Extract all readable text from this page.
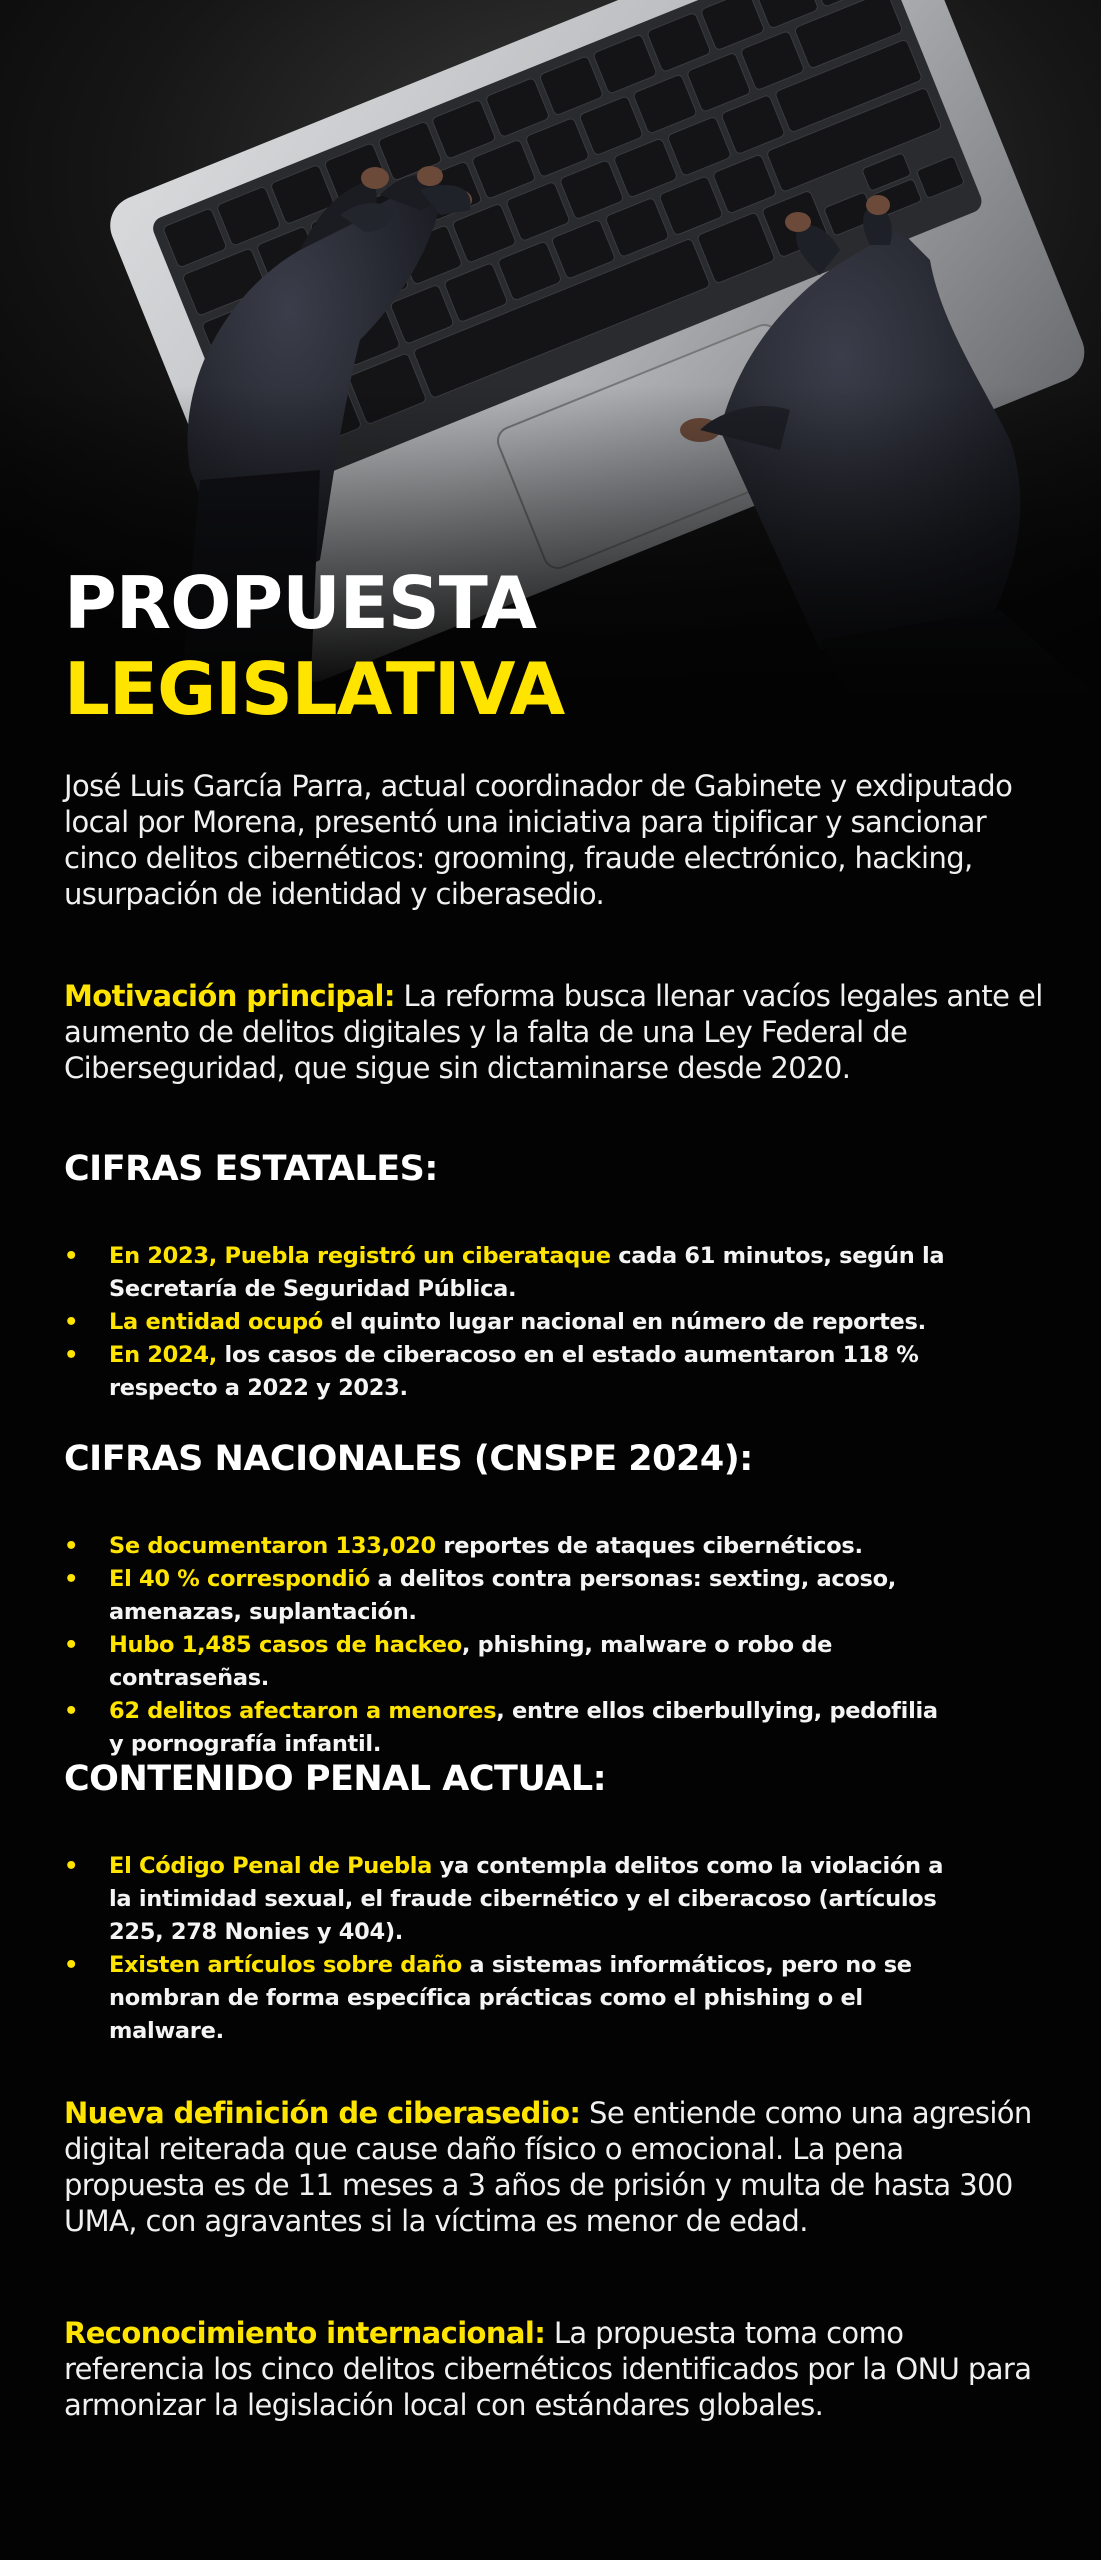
PROPUESTA

LEGISLATIVA

José Luis García Parra, actual coordinador de Gabinete y exdiputado local por Morena, presentó una iniciativa para tipificar y sancionar cinco delitos cibernéticos: grooming, fraude electrónico, hacking, usurpación de identidad y ciberasedio.

Motivación principal: La reforma busca llenar vacíos legales ante el aumento de delitos digitales y la falta de una Ley Federal de Ciberseguridad, que sigue sin dictaminarse desde 2020.

CIFRAS ESTATALES:

• En 2023, Puebla registró un ciberataque cada 61 minutos, según la Secretaría de Seguridad Pública.
• La entidad ocupó el quinto lugar nacional en número de reportes.
• En 2024, los casos de ciberacoso en el estado aumentaron 118 % respecto a 2022 y 2023.

CIFRAS NACIONALES (CNSPE 2024):

• Se documentaron 133,020 reportes de ataques cibernéticos.
• El 40 % correspondió a delitos contra personas: sexting, acoso, amenazas, suplantación.
• Hubo 1,485 casos de hackeo, phishing, malware o robo de contraseñas.
• 62 delitos afectaron a menores, entre ellos ciberbullying, pedofilia y pornografía infantil.

CONTENIDO PENAL ACTUAL:

• El Código Penal de Puebla ya contempla delitos como la violación a la intimidad sexual, el fraude cibernético y el ciberacoso (artículos 225, 278 Nonies y 404).
• Existen artículos sobre daño a sistemas informáticos, pero no se nombran de forma específica prácticas como el phishing o el malware.

Nueva definición de ciberasedio: Se entiende como una agresión digital reiterada que cause daño físico o emocional. La pena propuesta es de 11 meses a 3 años de prisión y multa de hasta 300 UMA, con agravantes si la víctima es menor de edad.

Reconocimiento internacional: La propuesta toma como referencia los cinco delitos cibernéticos identificados por la ONU para armonizar la legislación local con estándares globales.
